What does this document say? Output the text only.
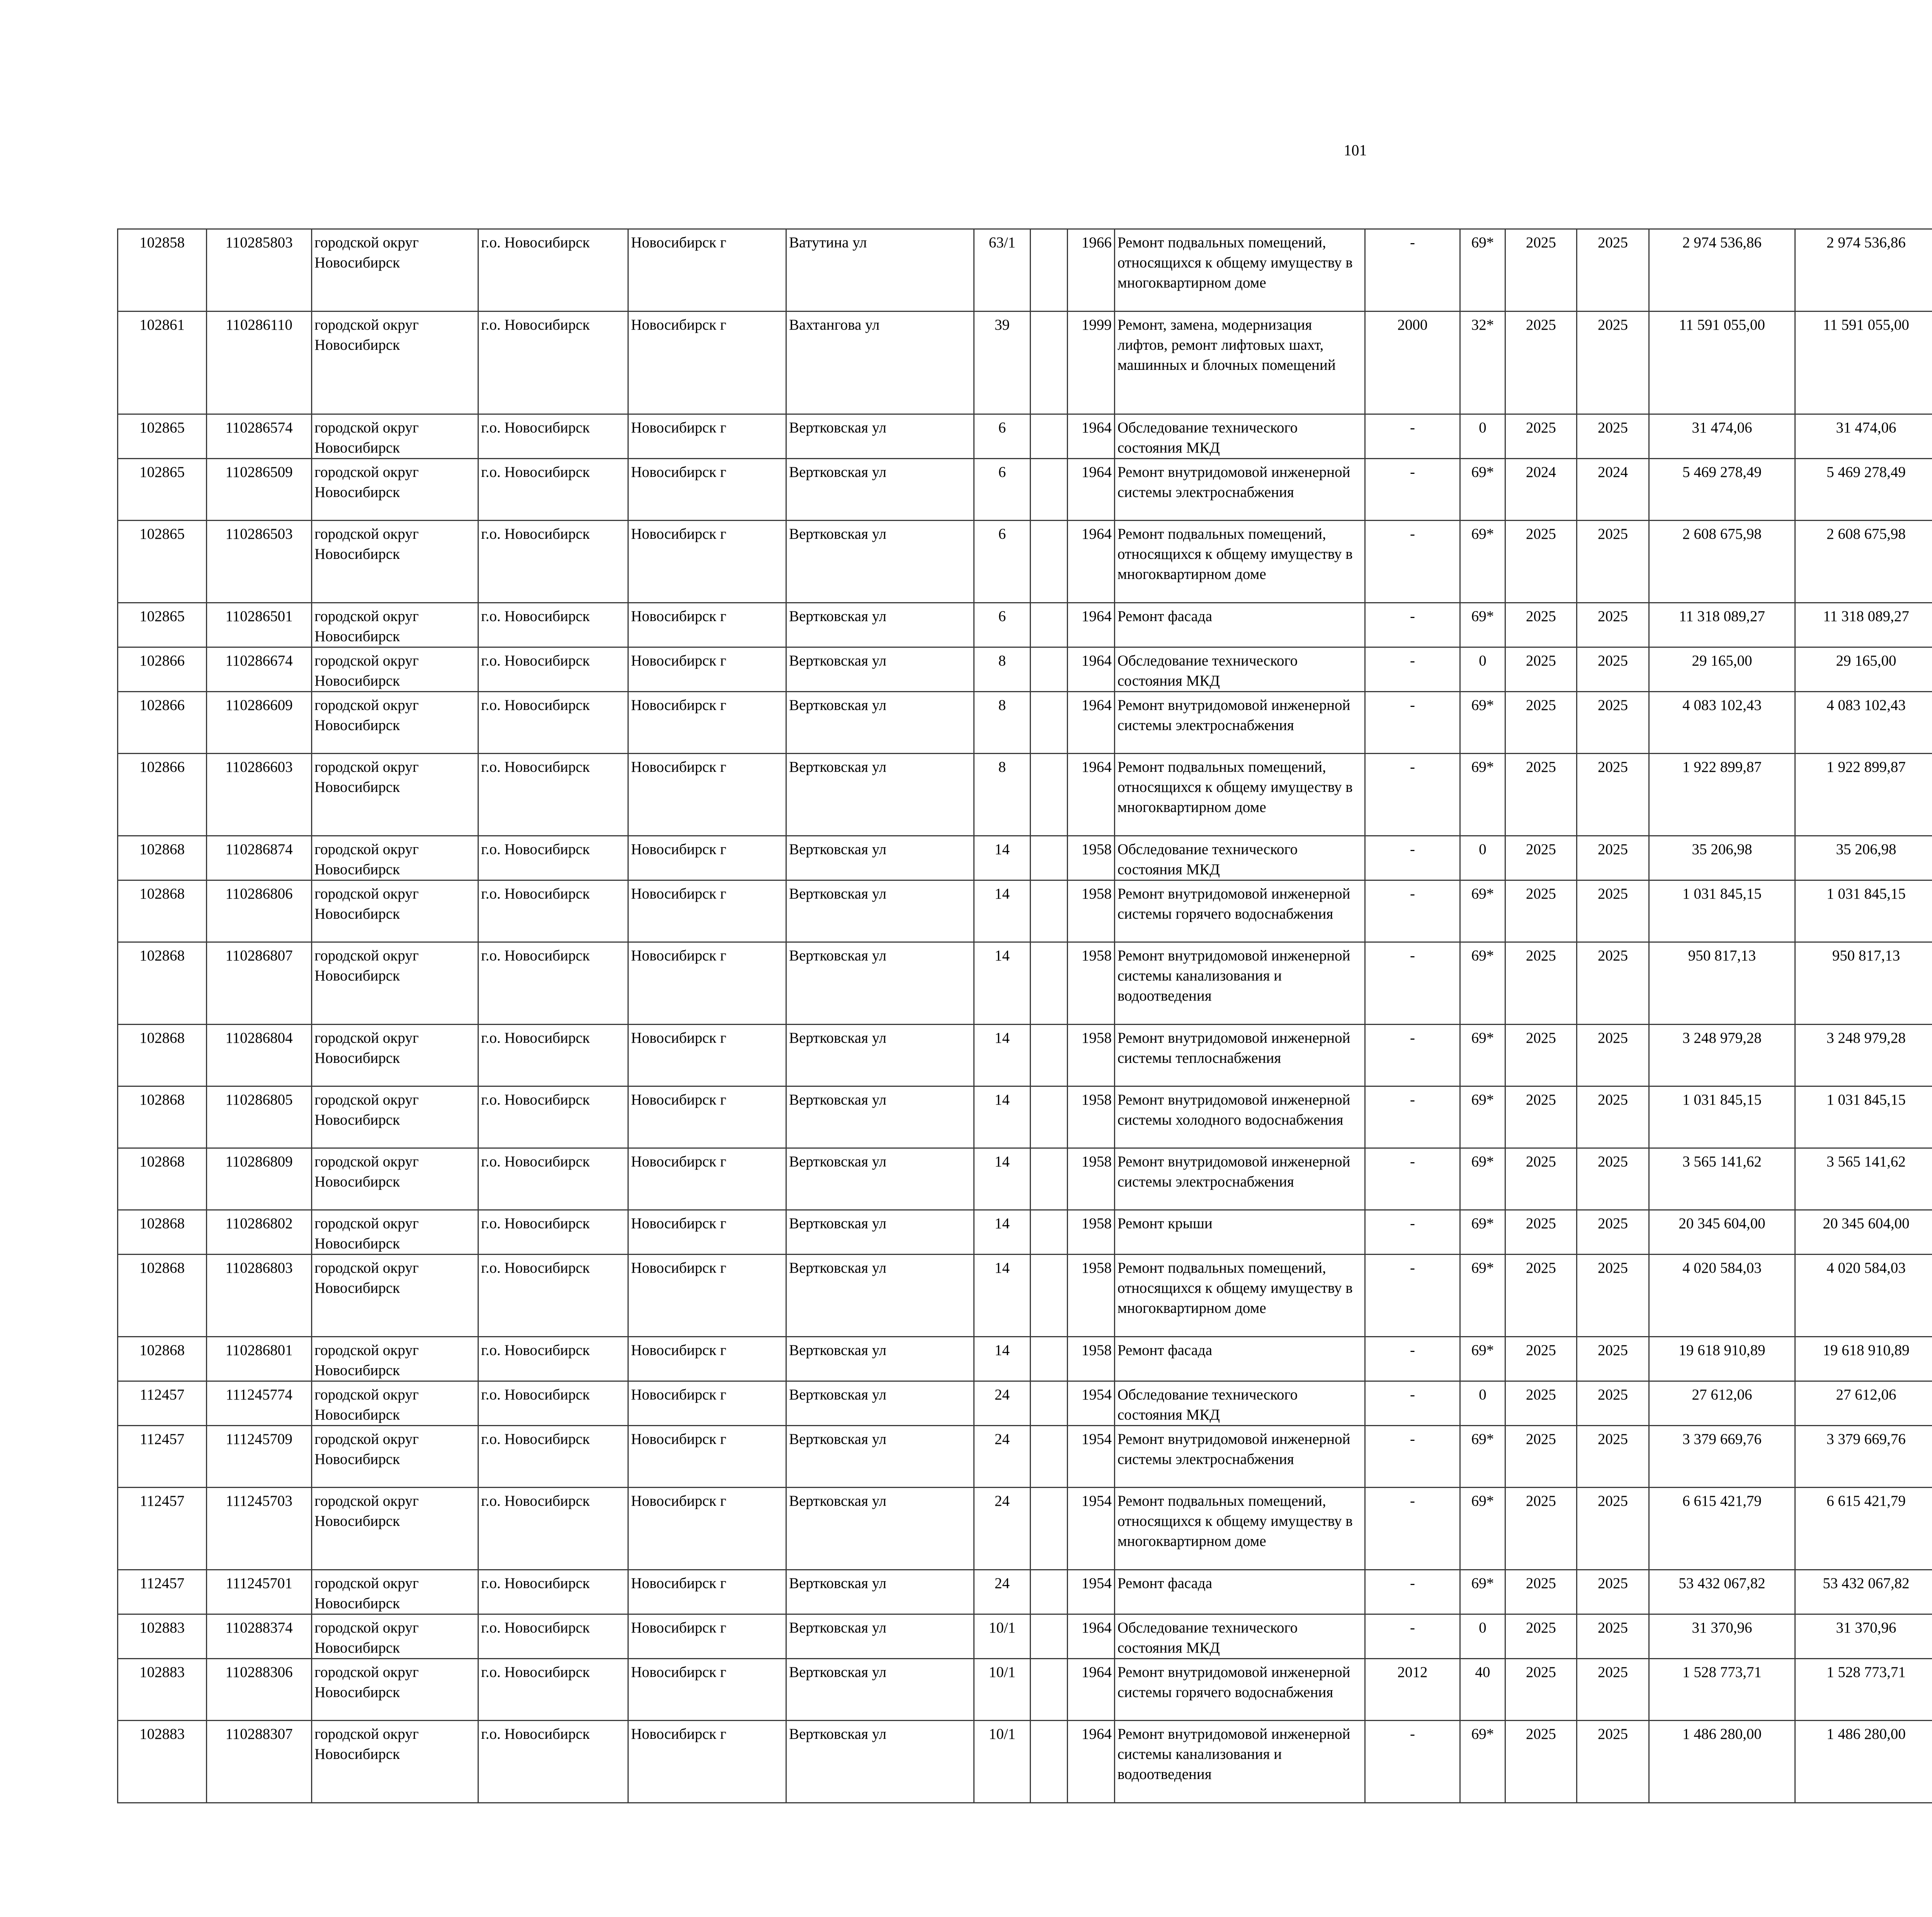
101
102858	110285803	городской округ Новосибирск	г.о. Новосибирск	Новосибирск г	Ватутина ул	63/1		1966	Ремонт подвальных помещений, относящихся к общему имуществу в многоквартирном доме	-	69*	2025	2025	2 974 536,86	2 974 536,86						
102861	110286110	городской округ Новосибирск	г.о. Новосибирск	Новосибирск г	Вахтангова ул	39		1999	Ремонт, замена, модернизация лифтов, ремонт лифтовых шахт, машинных и блочных помещений	2000	32*	2025	2025	11 591 055,00	11 591 055,00						
102865	110286574	городской округ Новосибирск	г.о. Новосибирск	Новосибирск г	Вертковская ул	6		1964	Обследование технического состояния МКД	-	0	2025	2025	31 474,06	31 474,06						
102865	110286509	городской округ Новосибирск	г.о. Новосибирск	Новосибирск г	Вертковская ул	6		1964	Ремонт внутридомовой инженерной системы электроснабжения	-	69*	2024	2024	5 469 278,49	5 469 278,49						
102865	110286503	городской округ Новосибирск	г.о. Новосибирск	Новосибирск г	Вертковская ул	6		1964	Ремонт подвальных помещений, относящихся к общему имуществу в многоквартирном доме	-	69*	2025	2025	2 608 675,98	2 608 675,98						
102865	110286501	городской округ Новосибирск	г.о. Новосибирск	Новосибирск г	Вертковская ул	6		1964	Ремонт фасада	-	69*	2025	2025	11 318 089,27	11 318 089,27						
102866	110286674	городской округ Новосибирск	г.о. Новосибирск	Новосибирск г	Вертковская ул	8		1964	Обследование технического состояния МКД	-	0	2025	2025	29 165,00	29 165,00						
102866	110286609	городской округ Новосибирск	г.о. Новосибирск	Новосибирск г	Вертковская ул	8		1964	Ремонт внутридомовой инженерной системы электроснабжения	-	69*	2025	2025	4 083 102,43	4 083 102,43						
102866	110286603	городской округ Новосибирск	г.о. Новосибирск	Новосибирск г	Вертковская ул	8		1964	Ремонт подвальных помещений, относящихся к общему имуществу в многоквартирном доме	-	69*	2025	2025	1 922 899,87	1 922 899,87						
102868	110286874	городской округ Новосибирск	г.о. Новосибирск	Новосибирск г	Вертковская ул	14		1958	Обследование технического состояния МКД	-	0	2025	2025	35 206,98	35 206,98						
102868	110286806	городской округ Новосибирск	г.о. Новосибирск	Новосибирск г	Вертковская ул	14		1958	Ремонт внутридомовой инженерной системы горячего водоснабжения	-	69*	2025	2025	1 031 845,15	1 031 845,15						
102868	110286807	городской округ Новосибирск	г.о. Новосибирск	Новосибирск г	Вертковская ул	14		1958	Ремонт внутридомовой инженерной системы канализования и водоотведения	-	69*	2025	2025	950 817,13	950 817,13						
102868	110286804	городской округ Новосибирск	г.о. Новосибирск	Новосибирск г	Вертковская ул	14		1958	Ремонт внутридомовой инженерной системы теплоснабжения	-	69*	2025	2025	3 248 979,28	3 248 979,28						
102868	110286805	городской округ Новосибирск	г.о. Новосибирск	Новосибирск г	Вертковская ул	14		1958	Ремонт внутридомовой инженерной системы холодного водоснабжения	-	69*	2025	2025	1 031 845,15	1 031 845,15						
102868	110286809	городской округ Новосибирск	г.о. Новосибирск	Новосибирск г	Вертковская ул	14		1958	Ремонт внутридомовой инженерной системы электроснабжения	-	69*	2025	2025	3 565 141,62	3 565 141,62						
102868	110286802	городской округ Новосибирск	г.о. Новосибирск	Новосибирск г	Вертковская ул	14		1958	Ремонт крыши	-	69*	2025	2025	20 345 604,00	20 345 604,00						
102868	110286803	городской округ Новосибирск	г.о. Новосибирск	Новосибирск г	Вертковская ул	14		1958	Ремонт подвальных помещений, относящихся к общему имуществу в многоквартирном доме	-	69*	2025	2025	4 020 584,03	4 020 584,03						
102868	110286801	городской округ Новосибирск	г.о. Новосибирск	Новосибирск г	Вертковская ул	14		1958	Ремонт фасада	-	69*	2025	2025	19 618 910,89	19 618 910,89						
112457	111245774	городской округ Новосибирск	г.о. Новосибирск	Новосибирск г	Вертковская ул	24		1954	Обследование технического состояния МКД	-	0	2025	2025	27 612,06	27 612,06						
112457	111245709	городской округ Новосибирск	г.о. Новосибирск	Новосибирск г	Вертковская ул	24		1954	Ремонт внутридомовой инженерной системы электроснабжения	-	69*	2025	2025	3 379 669,76	3 379 669,76						
112457	111245703	городской округ Новосибирск	г.о. Новосибирск	Новосибирск г	Вертковская ул	24		1954	Ремонт подвальных помещений, относящихся к общему имуществу в многоквартирном доме	-	69*	2025	2025	6 615 421,79	6 615 421,79						
112457	111245701	городской округ Новосибирск	г.о. Новосибирск	Новосибирск г	Вертковская ул	24		1954	Ремонт фасада	-	69*	2025	2025	53 432 067,82	53 432 067,82						
102883	110288374	городской округ Новосибирск	г.о. Новосибирск	Новосибирск г	Вертковская ул	10/1		1964	Обследование технического состояния МКД	-	0	2025	2025	31 370,96	31 370,96						
102883	110288306	городской округ Новосибирск	г.о. Новосибирск	Новосибирск г	Вертковская ул	10/1		1964	Ремонт внутридомовой инженерной системы горячего водоснабжения	2012	40	2025	2025	1 528 773,71	1 528 773,71						
102883	110288307	городской округ Новосибирск	г.о. Новосибирск	Новосибирск г	Вертковская ул	10/1		1964	Ремонт внутридомовой инженерной системы канализования и водоотведения	-	69*	2025	2025	1 486 280,00	1 486 280,00						
